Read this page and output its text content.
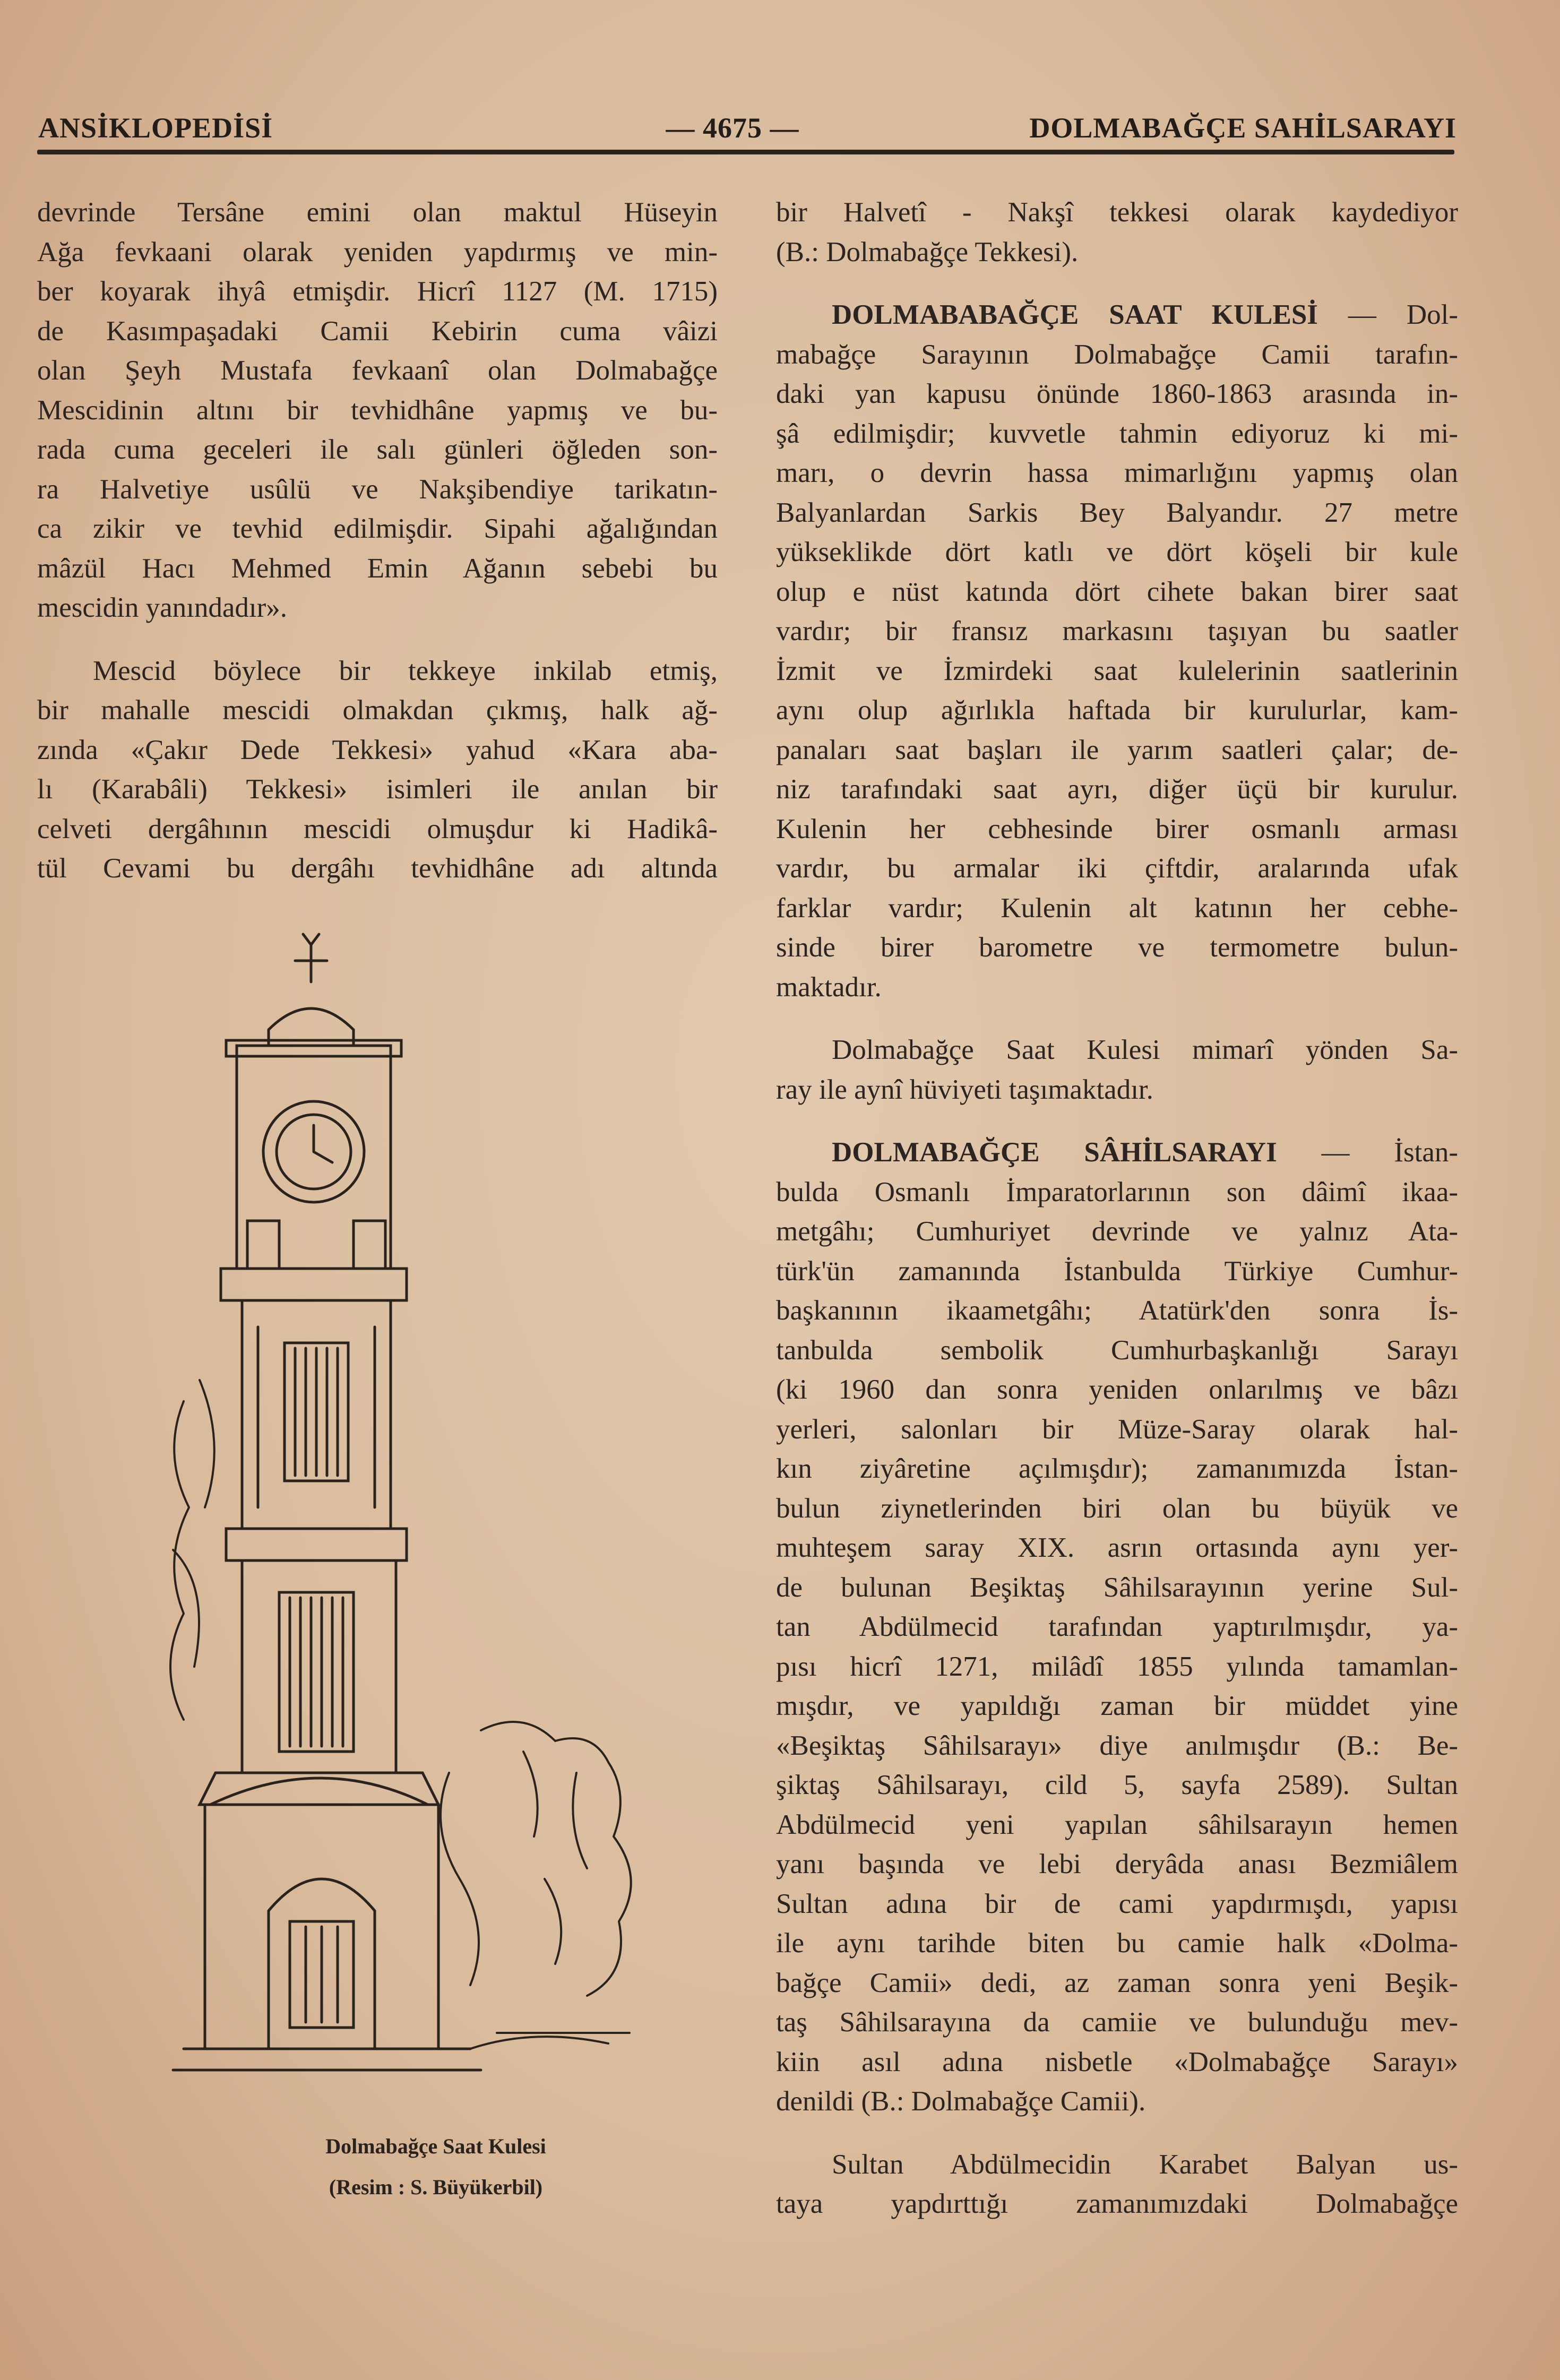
ANSİKLOPEDİSİ	— 4675 —	DOLMABAĞÇE SAHİLSARAYI
devrinde Tersâne emini olan maktul Hüseyin
Ağa fevkaani olarak yeniden yapdırmış ve min-
ber koyarak ihyâ etmişdir. Hicrî 1127 (M. 1715)
de Kasımpaşadaki Camii Kebirin cuma vâizi
olan Şeyh Mustafa fevkaanî olan Dolmabağçe
Mescidinin altını bir tevhidhâne yapmış ve bu-
rada cuma geceleri ile salı günleri öğleden son-
ra Halvetiye usûlü ve Nakşibendiye tarikatın-
ca zikir ve tevhid edilmişdir. Sipahi ağalığından
mâzül Hacı Mehmed Emin Ağanın sebebi bu
mescidin yanındadır».
Mescid böylece bir tekkeye inkilab etmiş,
bir mahalle mescidi olmakdan çıkmış, halk ağ-
zında «Çakır Dede Tekkesi» yahud «Kara aba-
lı (Karabâli) Tekkesi» isimleri ile anılan bir
celveti dergâhının mescidi olmuşdur ki Hadikâ-
tül Cevami bu dergâhı tevhidhâne adı altında
bir Halvetî - Nakşî tekkesi olarak kaydediyor
(B.: Dolmabağçe Tekkesi).
DOLMABABAĞÇE SAAT KULESİ — Dol-
mabağçe Sarayının Dolmabağçe Camii tarafın-
daki yan kapusu önünde 1860-1863 arasında in-
şâ edilmişdir; kuvvetle tahmin ediyoruz ki mi-
marı, o devrin hassa mimarlığını yapmış olan
Balyanlardan Sarkis Bey Balyandır. 27 metre
yükseklikde dört katlı ve dört köşeli bir kule
olup e nüst katında dört cihete bakan birer saat
vardır; bir fransız markasını taşıyan bu saatler
İzmit ve İzmirdeki saat kulelerinin saatlerinin
aynı olup ağırlıkla haftada bir kurulurlar, kam-
panaları saat başları ile yarım saatleri çalar; de-
niz tarafındaki saat ayrı, diğer üçü bir kurulur.
Kulenin her cebhesinde birer osmanlı arması
vardır, bu armalar iki çiftdir, aralarında ufak
farklar vardır; Kulenin alt katının her cebhe-
sinde birer barometre ve termometre bulun-
maktadır.
Dolmabağçe Saat Kulesi mimarî yönden Sa-
ray ile aynî hüviyeti taşımaktadır.
DOLMABAĞÇE SÂHİLSARAYI — İstan-
bulda Osmanlı İmparatorlarının son dâimî ikaa-
metgâhı; Cumhuriyet devrinde ve yalnız Ata-
türk'ün zamanında İstanbulda Türkiye Cumhur-
başkanının ikaametgâhı; Atatürk'den sonra İs-
tanbulda sembolik Cumhurbaşkanlığı Sarayı
(ki 1960 dan sonra yeniden onlarılmış ve bâzı
yerleri, salonları bir Müze-Saray olarak hal-
kın ziyâretine açılmışdır); zamanımızda İstan-
bulun ziynetlerinden biri olan bu büyük ve
muhteşem saray XIX. asrın ortasında aynı yer-
de bulunan Beşiktaş Sâhilsarayının yerine Sul-
tan Abdülmecid tarafından yaptırılmışdır, ya-
pısı hicrî 1271, milâdî 1855 yılında tamamlan-
mışdır, ve yapıldığı zaman bir müddet yine
«Beşiktaş Sâhilsarayı» diye anılmışdır (B.: Be-
şiktaş Sâhilsarayı, cild 5, sayfa 2589). Sultan
Abdülmecid yeni yapılan sâhilsarayın hemen
yanı başında ve lebi deryâda anası Bezmiâlem
Sultan adına bir de cami yapdırmışdı, yapısı
ile aynı tarihde biten bu camie halk «Dolma-
bağçe Camii» dedi, az zaman sonra yeni Beşik-
taş Sâhilsarayına da camiie ve bulunduğu mev-
kiin asıl adına nisbetle «Dolmabağçe Sarayı»
denildi (B.: Dolmabağçe Camii).
Sultan Abdülmecidin Karabet Balyan us-
taya yapdırttığı zamanımızdaki Dolmabağçe
Dolmabağçe Saat Kulesi
(Resim : S. Büyükerbil)
